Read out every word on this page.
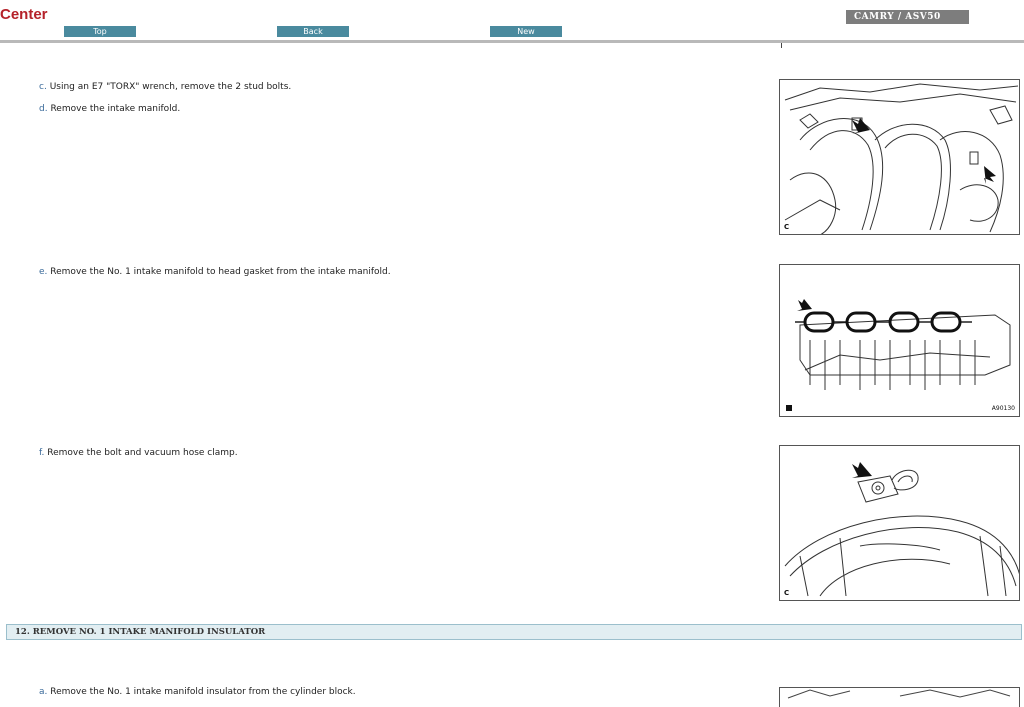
Center
Top	Back	New
CAMRY / ASV50
c. Using an E7 "TORX" wrench, remove the 2 stud bolts.
d. Remove the intake manifold.
e. Remove the No. 1 intake manifold to head gasket from the intake manifold.
f. Remove the bolt and vacuum hose clamp.
C
A90130
C
12. REMOVE NO. 1 INTAKE MANIFOLD INSULATOR
a. Remove the No. 1 intake manifold insulator from the cylinder block.
